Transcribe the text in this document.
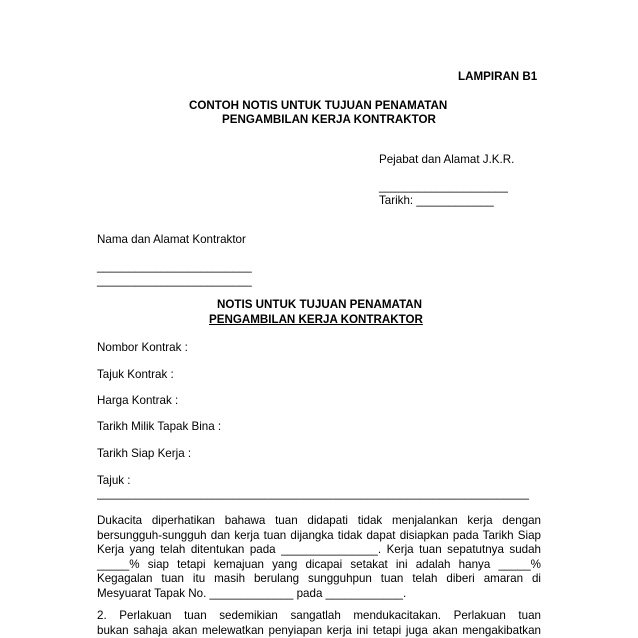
LAMPIRAN B1
CONTOH NOTIS UNTUK TUJUAN PENAMATAN
PENGAMBILAN KERJA KONTRAKTOR
Pejabat dan Alamat J.K.R.
____________________
Tarikh: ____________
Nama dan Alamat Kontraktor
________________________
________________________
NOTIS UNTUK TUJUAN PENAMATAN
PENGAMBILAN KERJA KONTRAKTOR
Nombor Kontrak :
Tajuk Kontrak :
Harga Kontrak :
Tarikh Milik Tapak Bina :
Tarikh Siap Kerja :
Tajuk :
___________________________________________________________________
Dukacita diperhatikan bahawa tuan didapati tidak menjalankan kerja dengan
bersungguh-sungguh dan kerja tuan dijangka tidak dapat disiapkan pada Tarikh Siap
Kerja yang telah ditentukan pada _______________. Kerja tuan sepatutnya sudah
_____% siap tetapi kemajuan yang dicapai setakat ini adalah hanya _____%
Kegagalan tuan itu masih berulang sungguhpun tuan telah diberi amaran di
Mesyuarat Tapak No. _____________ pada ____________.
2. Perlakuan tuan sedemikian sangatlah mendukacitakan. Perlakuan tuan
bukan sahaja akan melewatkan penyiapan kerja ini tetapi juga akan mengakibatkan
